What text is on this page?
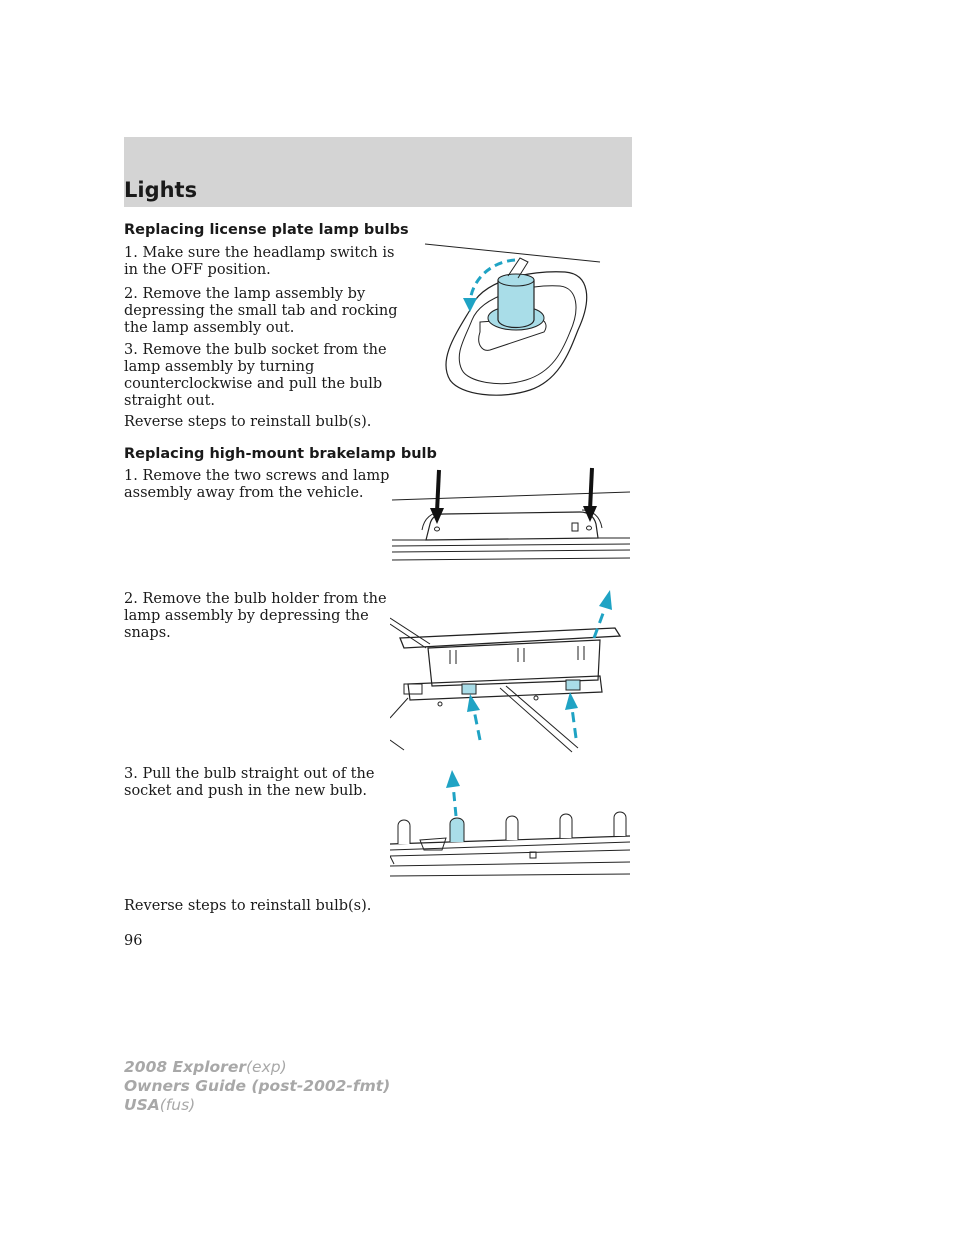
Lights
Replacing license plate lamp bulbs
1. Make sure the headlamp switch is
in the OFF position.
2. Remove the lamp assembly by
depressing the small tab and rocking
the lamp assembly out.
3. Remove the bulb socket from the
lamp assembly by turning
counterclockwise and pull the bulb
straight out.
Reverse steps to reinstall bulb(s).
Replacing high-mount brakelamp bulb
1. Remove the two screws and lamp
assembly away from the vehicle.
2. Remove the bulb holder from the
lamp assembly by depressing the
snaps.
3. Pull the bulb straight out of the
socket and push in the new bulb.
Reverse steps to reinstall bulb(s).
96
2008 Explorer(exp)
Owners Guide (post-2002-fmt)
USA(fus)
